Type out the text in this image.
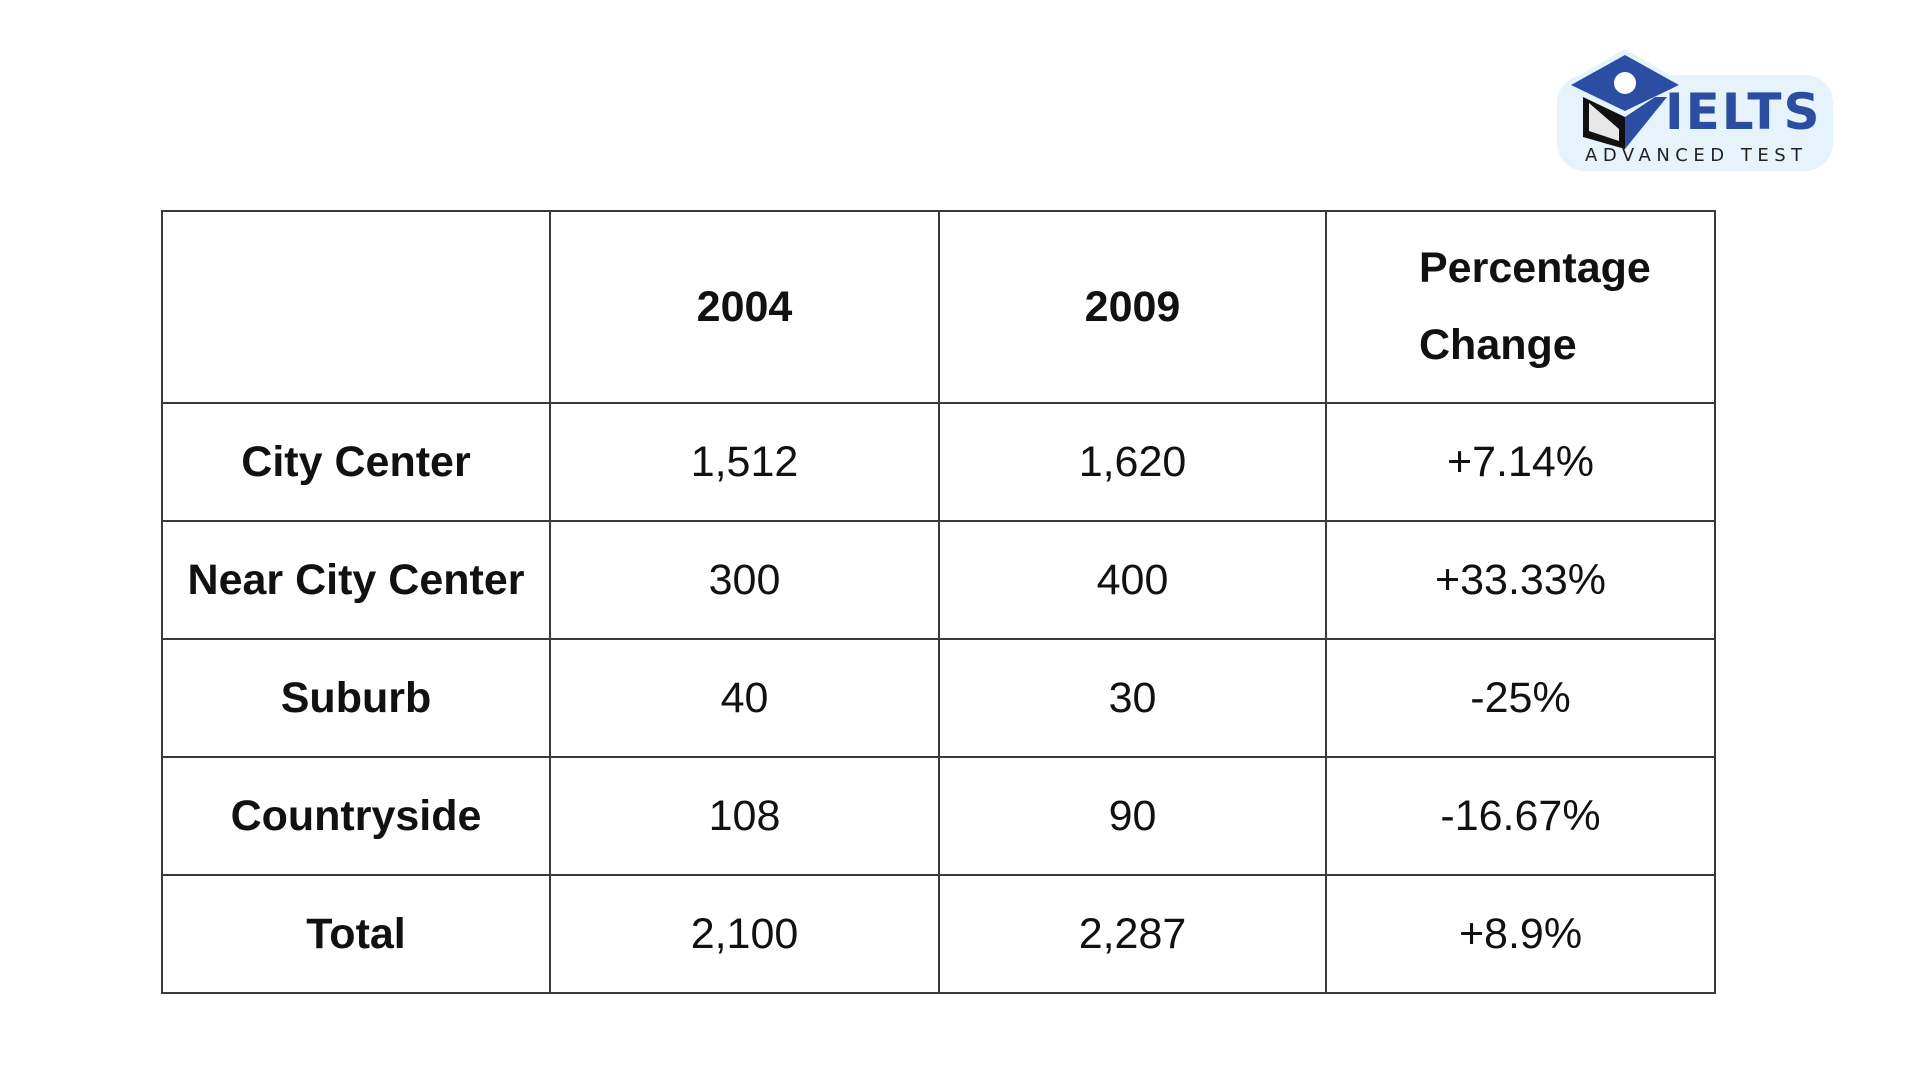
IELTS
ADVANCED TEST
	2004	2009	Percentage Change
City Center	1,512	1,620	+7.14%
Near City Center	300	400	+33.33%
Suburb	40	30	-25%
Countryside	108	90	-16.67%
Total	2,100	2,287	+8.9%
